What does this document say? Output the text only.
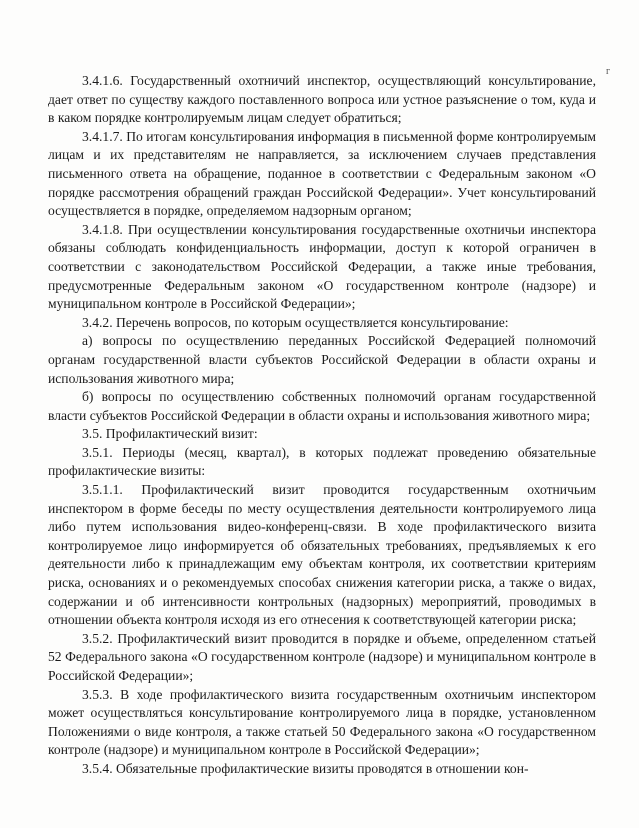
г

3.4.1.6. Государственный охотничий инспектор, осуществляющий консультирование, дает ответ по существу каждого поставленного вопроса или устное разъяснение о том, куда и в каком порядке контролируемым лицам следует обратиться;

3.4.1.7. По итогам консультирования информация в письменной форме контролируемым лицам и их представителям не направляется, за исключением случаев представления письменного ответа на обращение, поданное в соответствии с Федеральным законом «О порядке рассмотрения обращений граждан Российской Федерации». Учет консультирований осуществляется в порядке, определяемом надзорным органом;

3.4.1.8. При осуществлении консультирования государственные охотничьи инспектора обязаны соблюдать конфиденциальность информации, доступ к которой ограничен в соответствии с законодательством Российской Федерации, а также иные требования, предусмотренные Федеральным законом «О государственном контроле (надзоре) и муниципальном контроле в Российской Федерации»;

3.4.2. Перечень вопросов, по которым осуществляется консультирование:

а) вопросы по осуществлению переданных Российской Федерацией полномочий органам государственной власти субъектов Российской Федерации в области охраны и использования животного мира;

б) вопросы по осуществлению собственных полномочий органам государственной власти субъектов Российской Федерации в области охраны и использования животного мира;

3.5. Профилактический визит:

3.5.1. Периоды (месяц, квартал), в которых подлежат проведению обязательные профилактические визиты:

3.5.1.1. Профилактический визит проводится государственным охотничьим инспектором в форме беседы по месту осуществления деятельности контролируемого лица либо путем использования видео-конференц-связи. В ходе профилактического визита контролируемое лицо информируется об обязательных требованиях, предъявляемых к его деятельности либо к принадлежащим ему объектам контроля, их соответствии критериям риска, основаниях и о рекомендуемых способах снижения категории риска, а также о видах, содержании и об интенсивности контрольных (надзорных) мероприятий, проводимых в отношении объекта контроля исходя из его отнесения к соответствующей категории риска;

3.5.2. Профилактический визит проводится в порядке и объеме, определенном статьей 52 Федерального закона «О государственном контроле (надзоре) и муниципальном контроле в Российской Федерации»;

3.5.3. В ходе профилактического визита государственным охотничьим инспектором может осуществляться консультирование контролируемого лица в порядке, установленном Положениями о виде контроля, а также статьей 50 Федерального закона «О государственном контроле (надзоре) и муниципальном контроле в Российской Федерации»;

3.5.4. Обязательные профилактические визиты проводятся в отношении кон-
